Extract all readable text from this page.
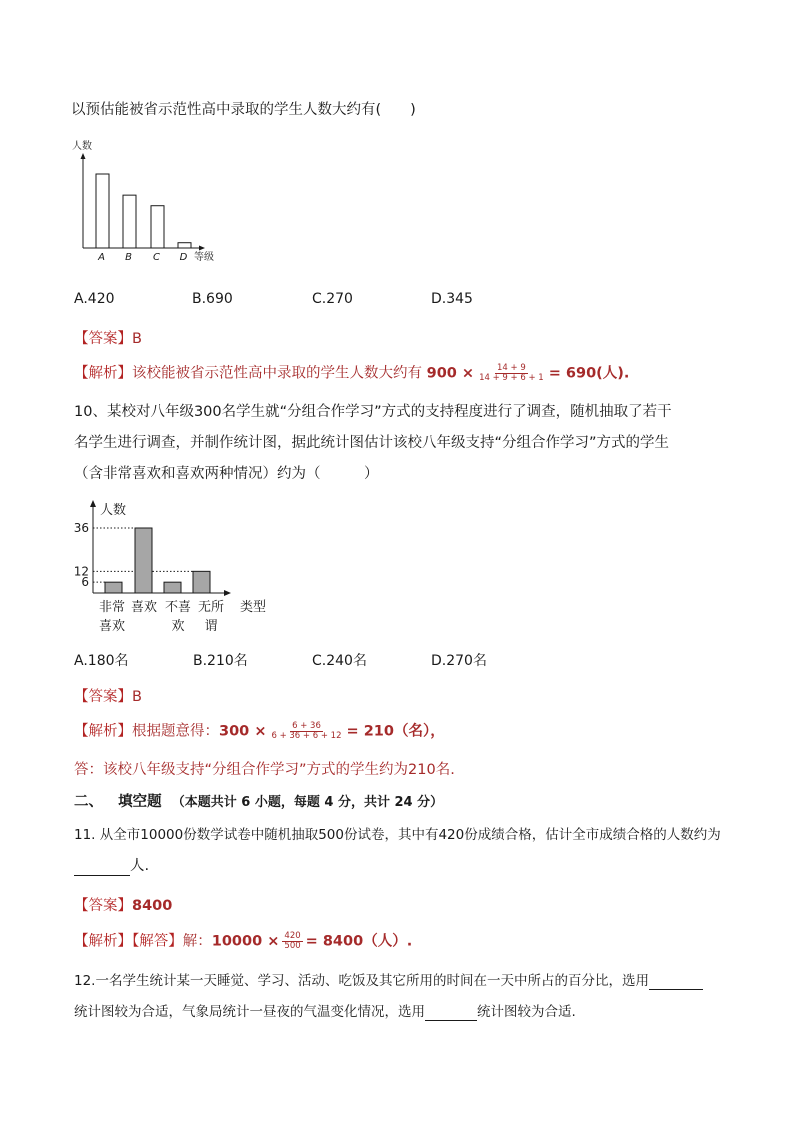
以预估能被省示范性高中录取的学生人数大约有(　　)
人数
等级
A B C D
A.420	B.690	C.270	D.345
【答案】B
【解析】该校能被省示范性高中录取的学生人数大约有 $900 \times \frac{14 + 9}{14 + 9 + 6 + 1} = 690$(人).
10、某校对八年级300名学生就“分组合作学习”方式的支持程度进行了调查，随机抽取了若干
名学生进行调查，并制作统计图，据此统计图估计该校八年级支持“分组合作学习”方式的学生
（含非常喜欢和喜欢两种情况）约为（　　　）
人数
类型
6
12
36
非常
喜欢
喜欢 不喜
欢
无所
谓
A.180名	B.210名	C.240名	D.270名
【答案】B
【解析】根据题意得：$300 \times \frac{6 + 36}{6 + 36 + 6 + 12} = 210$（名），
答：该校八年级支持“分组合作学习”方式的学生约为210名.
二、 填空题 （本题共计 6 小题，每题 4 分，共计 24 分）
11. 从全市10000份数学试卷中随机抽取500份试卷，其中有420份成绩合格，估计全市成绩合格的人数约为
人.
【答案】8400
【解析】【解答】解：$10000 \times \frac{420}{500} = 8400$（人）.
12.一名学生统计某一天睡觉、学习、活动、吃饭及其它所用的时间在一天中所占的百分比，选用
统计图较为合适，气象局统计一昼夜的气温变化情况，选用	统计图较为合适.
